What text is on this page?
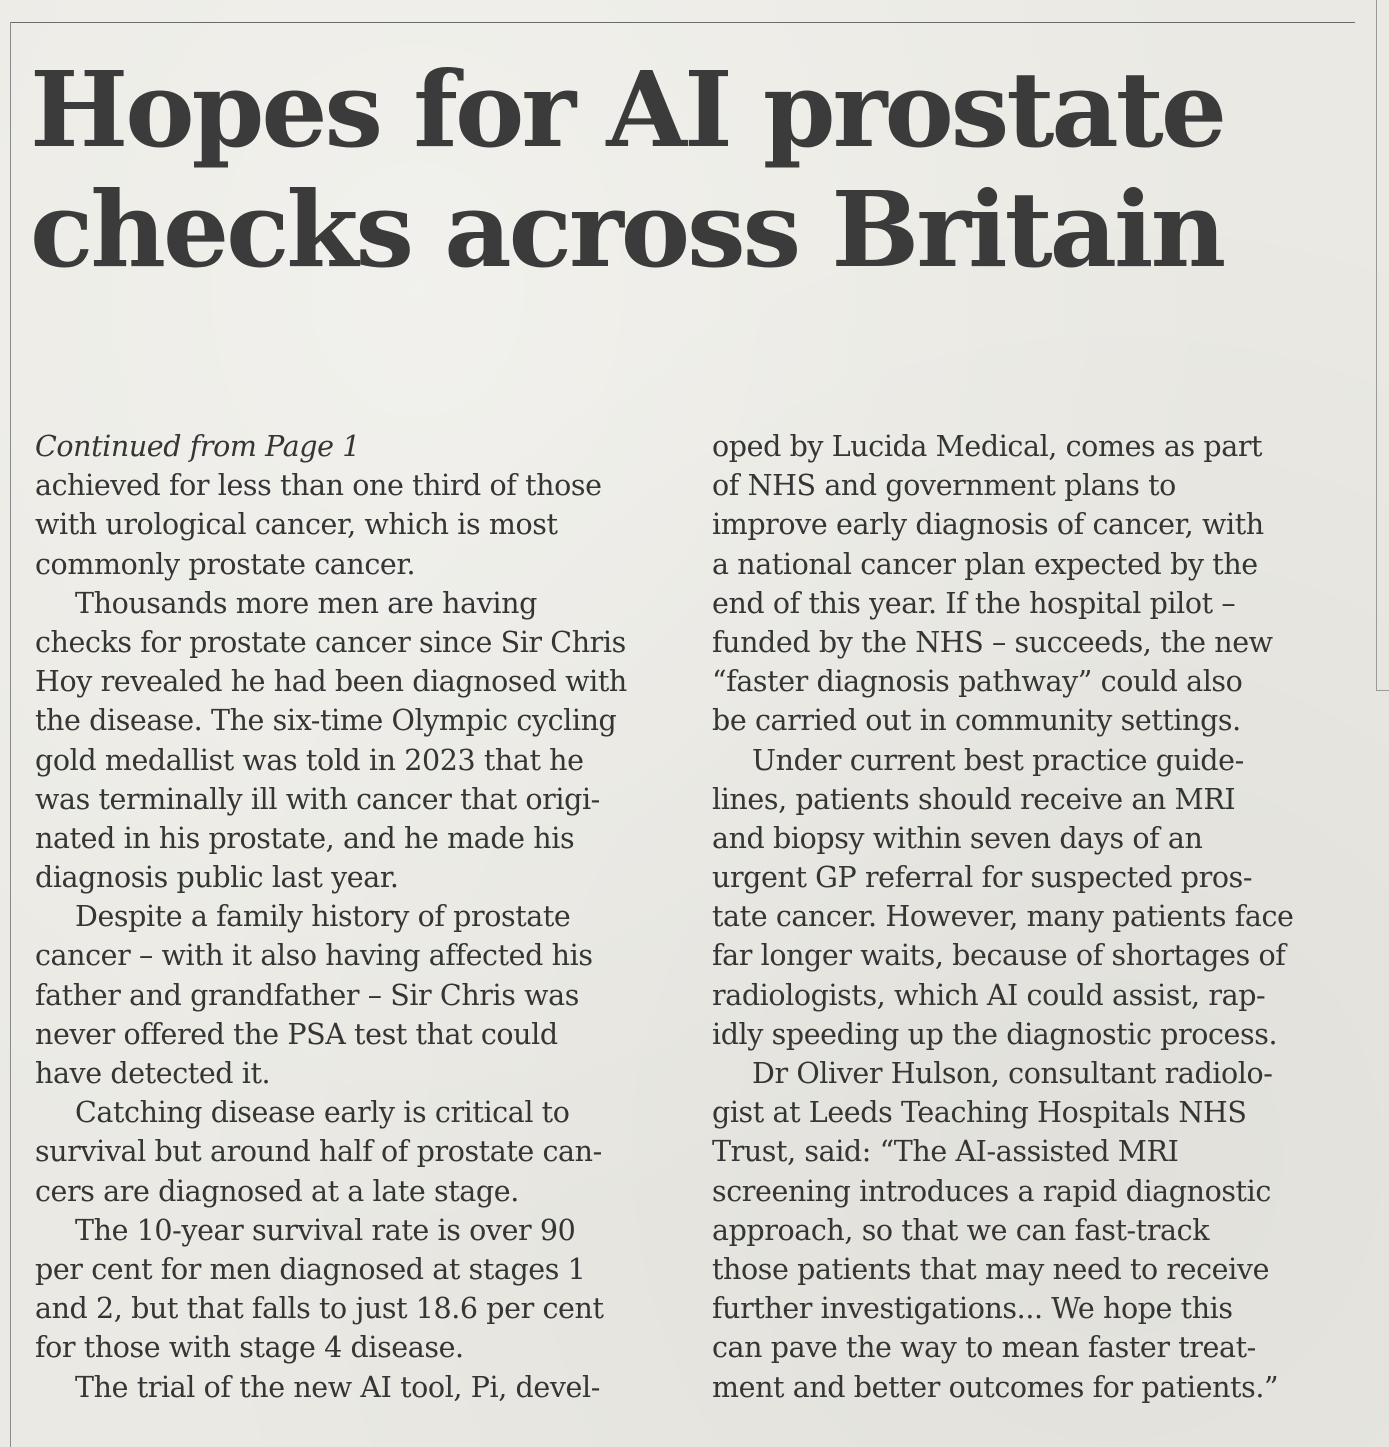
Hopes for AI prostate
checks across Britain
Continued from Page 1
achieved for less than one third of those
with urological cancer, which is most
commonly prostate cancer.
Thousands more men are having
checks for prostate cancer since Sir Chris
Hoy revealed he had been diagnosed with
the disease. The six-time Olympic cycling
gold medallist was told in 2023 that he
was terminally ill with cancer that origi-
nated in his prostate, and he made his
diagnosis public last year.
Despite a family history of prostate
cancer – with it also having affected his
father and grandfather – Sir Chris was
never offered the PSA test that could
have detected it.
Catching disease early is critical to
survival but around half of prostate can-
cers are diagnosed at a late stage.
The 10-year survival rate is over 90
per cent for men diagnosed at stages 1
and 2, but that falls to just 18.6 per cent
for those with stage 4 disease.
The trial of the new AI tool, Pi, devel-
oped by Lucida Medical, comes as part
of NHS and government plans to
improve early diagnosis of cancer, with
a national cancer plan expected by the
end of this year. If the hospital pilot –
funded by the NHS – succeeds, the new
“faster diagnosis pathway” could also
be carried out in community settings.
Under current best practice guide-
lines, patients should receive an MRI
and biopsy within seven days of an
urgent GP referral for suspected pros-
tate cancer. However, many patients face
far longer waits, because of shortages of
radiologists, which AI could assist, rap-
idly speeding up the diagnostic process.
Dr Oliver Hulson, consultant radiolo-
gist at Leeds Teaching Hospitals NHS
Trust, said: “The AI-assisted MRI
screening introduces a rapid diagnostic
approach, so that we can fast-track
those patients that may need to receive
further investigations... We hope this
can pave the way to mean faster treat-
ment and better outcomes for patients.”
